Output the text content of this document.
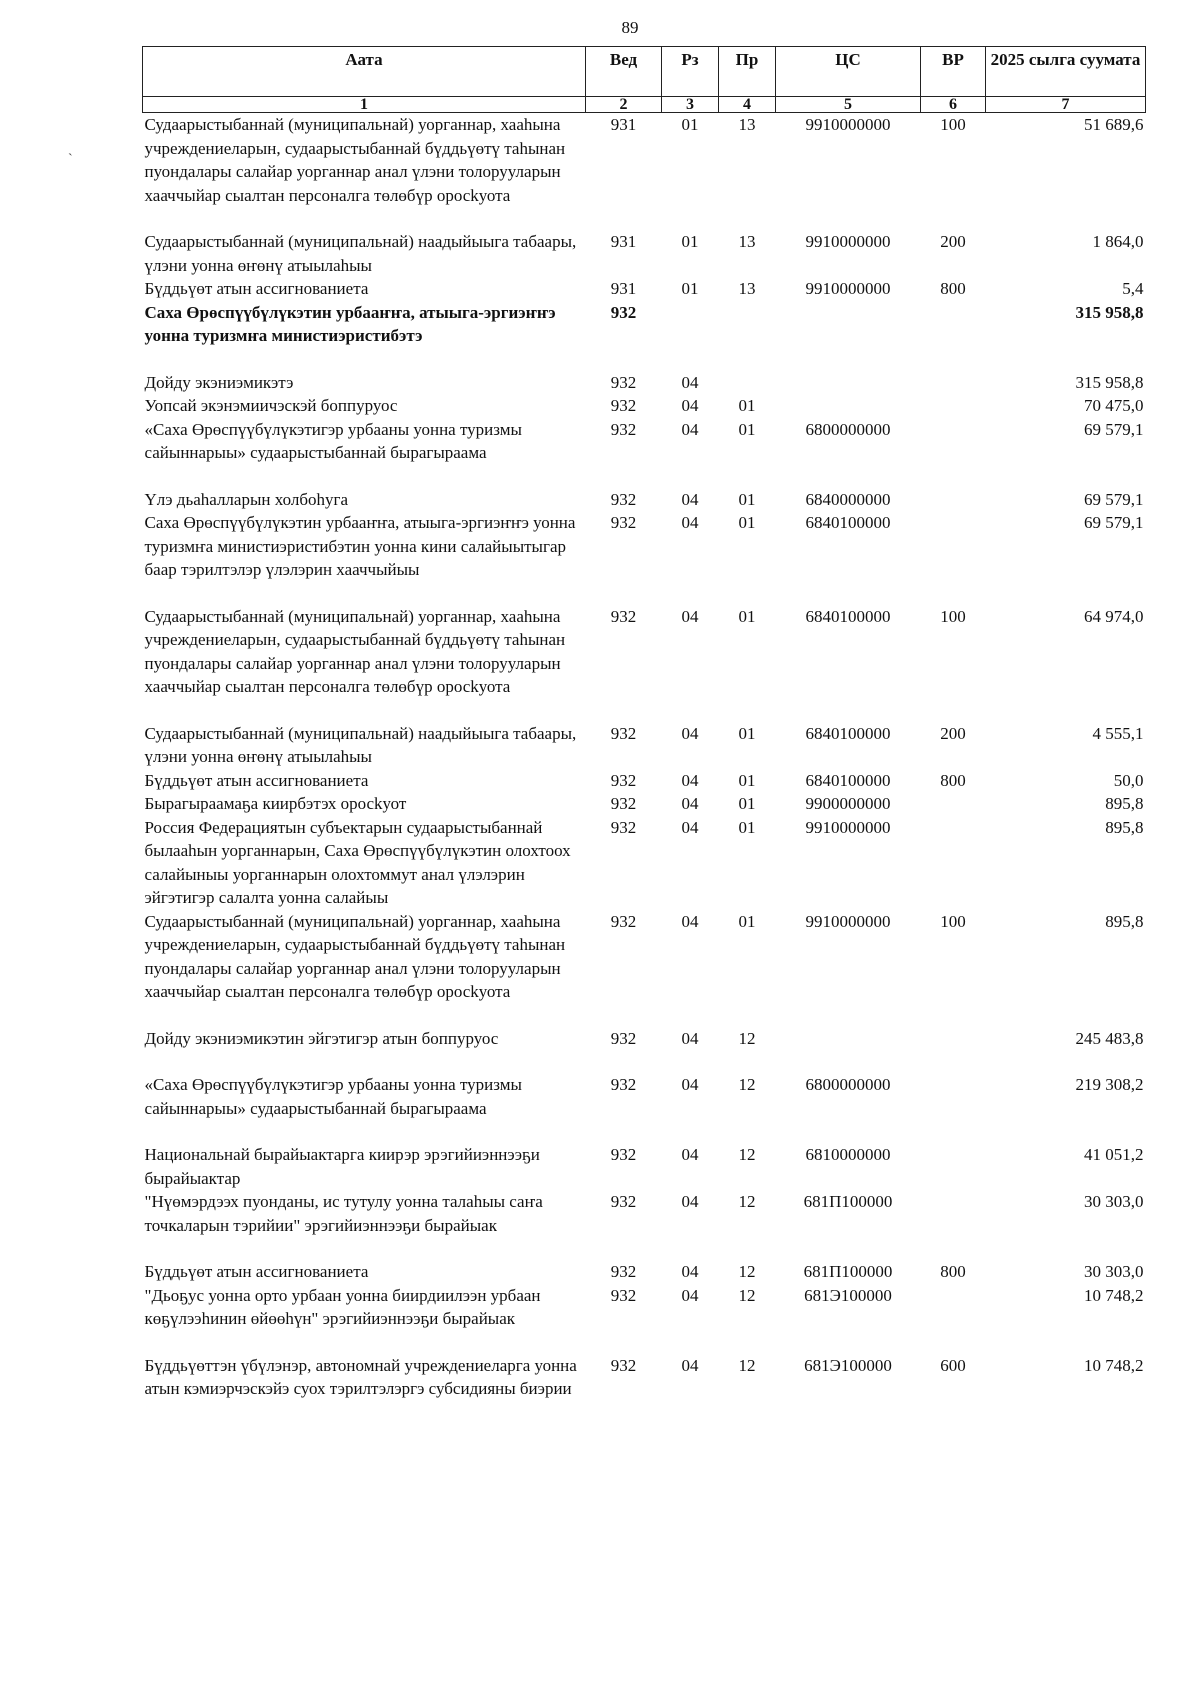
89
`
Аата	Вед	Рз	Пр	ЦС	ВР	2025 сылга суумата
1	2	3	4	5	6	7
Судаарыстыбаннай (муниципальнай) уорганнар, хааһына учреждениеларын, судаарыстыбаннай бүддьүөтү таһынан пуондалары салайар уорганнар анал үлэни толорууларын хааччыйар сыалтан персоналга төлөбүр оросkуота	931	01	13	9910000000	100	51 689,6
Судаарыстыбаннай (муниципальнай) наадыйыыга табаары, үлэни уонна өҥөнү атыылаһыы	931	01	13	9910000000	200	1 864,0
Бүддьүөт атын ассигнованиета	931	01	13	9910000000	800	5,4
Саха Өрөспүүбүлүкэтин урбааҥҥа, атыыга-эргиэҥҥэ уонна туризмҥа министиэристибэтэ	932					315 958,8
Дойду экэниэмикэтэ	932	04				315 958,8
Уопсай экэнэмиичэскэй боппуруос	932	04	01			70 475,0
«Саха Өрөспүүбүлүкэтигэр урбааны уонна туризмы сайыннарыы» судаарыстыбаннай бырагыраама	932	04	01	6800000000		69 579,1
Үлэ дьаһалларын холбоһуга	932	04	01	6840000000		69 579,1
Саха Өрөспүүбүлүкэтин урбааҥҥа, атыыга-эргиэҥҥэ уонна туризмҥа министиэристибэтин уонна кини салайыытыгар баар тэрилтэлэр үлэлэрин хааччыйыы	932	04	01	6840100000		69 579,1
Судаарыстыбаннай (муниципальнай) уорганнар, хааһына учреждениеларын, судаарыстыбаннай бүддьүөтү таһынан пуондалары салайар уорганнар анал үлэни толорууларын хааччыйар сыалтан персоналга төлөбүр оросkуота	932	04	01	6840100000	100	64 974,0
Судаарыстыбаннай (муниципальнай) наадыйыыга табаары, үлэни уонна өҥөнү атыылаһыы	932	04	01	6840100000	200	4 555,1
Бүддьүөт атын ассигнованиета	932	04	01	6840100000	800	50,0
Бырагыраамаҕа киирбэтэх оросkуот	932	04	01	9900000000		895,8
Россия Федерациятын субъектарын судаарыстыбаннай былааһын уорганнарын, Саха Өрөспүүбүлүкэтин олохтоох салайыныы уорганнарын олохтоммут анал үлэлэрин эйгэтигэр салалта уонна салайыы	932	04	01	9910000000		895,8
Судаарыстыбаннай (муниципальнай) уорганнар, хааһына учреждениеларын, судаарыстыбаннай бүддьүөтү таһынан пуондалары салайар уорганнар анал үлэни толорууларын хааччыйар сыалтан персоналга төлөбүр оросkуота	932	04	01	9910000000	100	895,8
Дойду экэниэмикэтин эйгэтигэр атын боппуруос	932	04	12			245 483,8
«Саха Өрөспүүбүлүкэтигэр урбааны уонна туризмы сайыннарыы» судаарыстыбаннай бырагыраама	932	04	12	6800000000		219 308,2
Национальнай бырайыактарга киирэр эрэгийиэннээҕи бырайыактар	932	04	12	6810000000		41 051,2
"Нүөмэрдээх пуонданы, ис тутулу уонна талаһыы саҥа точкаларын тэрийии" эрэгийиэннээҕи бырайыак	932	04	12	681П100000		30 303,0
Бүддьүөт атын ассигнованиета	932	04	12	681П100000	800	30 303,0
"Дьоҕус уонна орто урбаан уонна биирдиилээн урбаан көҕүлээһинин өйөөһүн" эрэгийиэннээҕи бырайыак	932	04	12	681Э100000		10 748,2
Бүддьүөттэн үбүлэнэр, автономнай учреждениеларга уонна атын кэмиэрчэскэйэ суох тэрилтэлэргэ субсидияны биэрии	932	04	12	681Э100000	600	10 748,2
